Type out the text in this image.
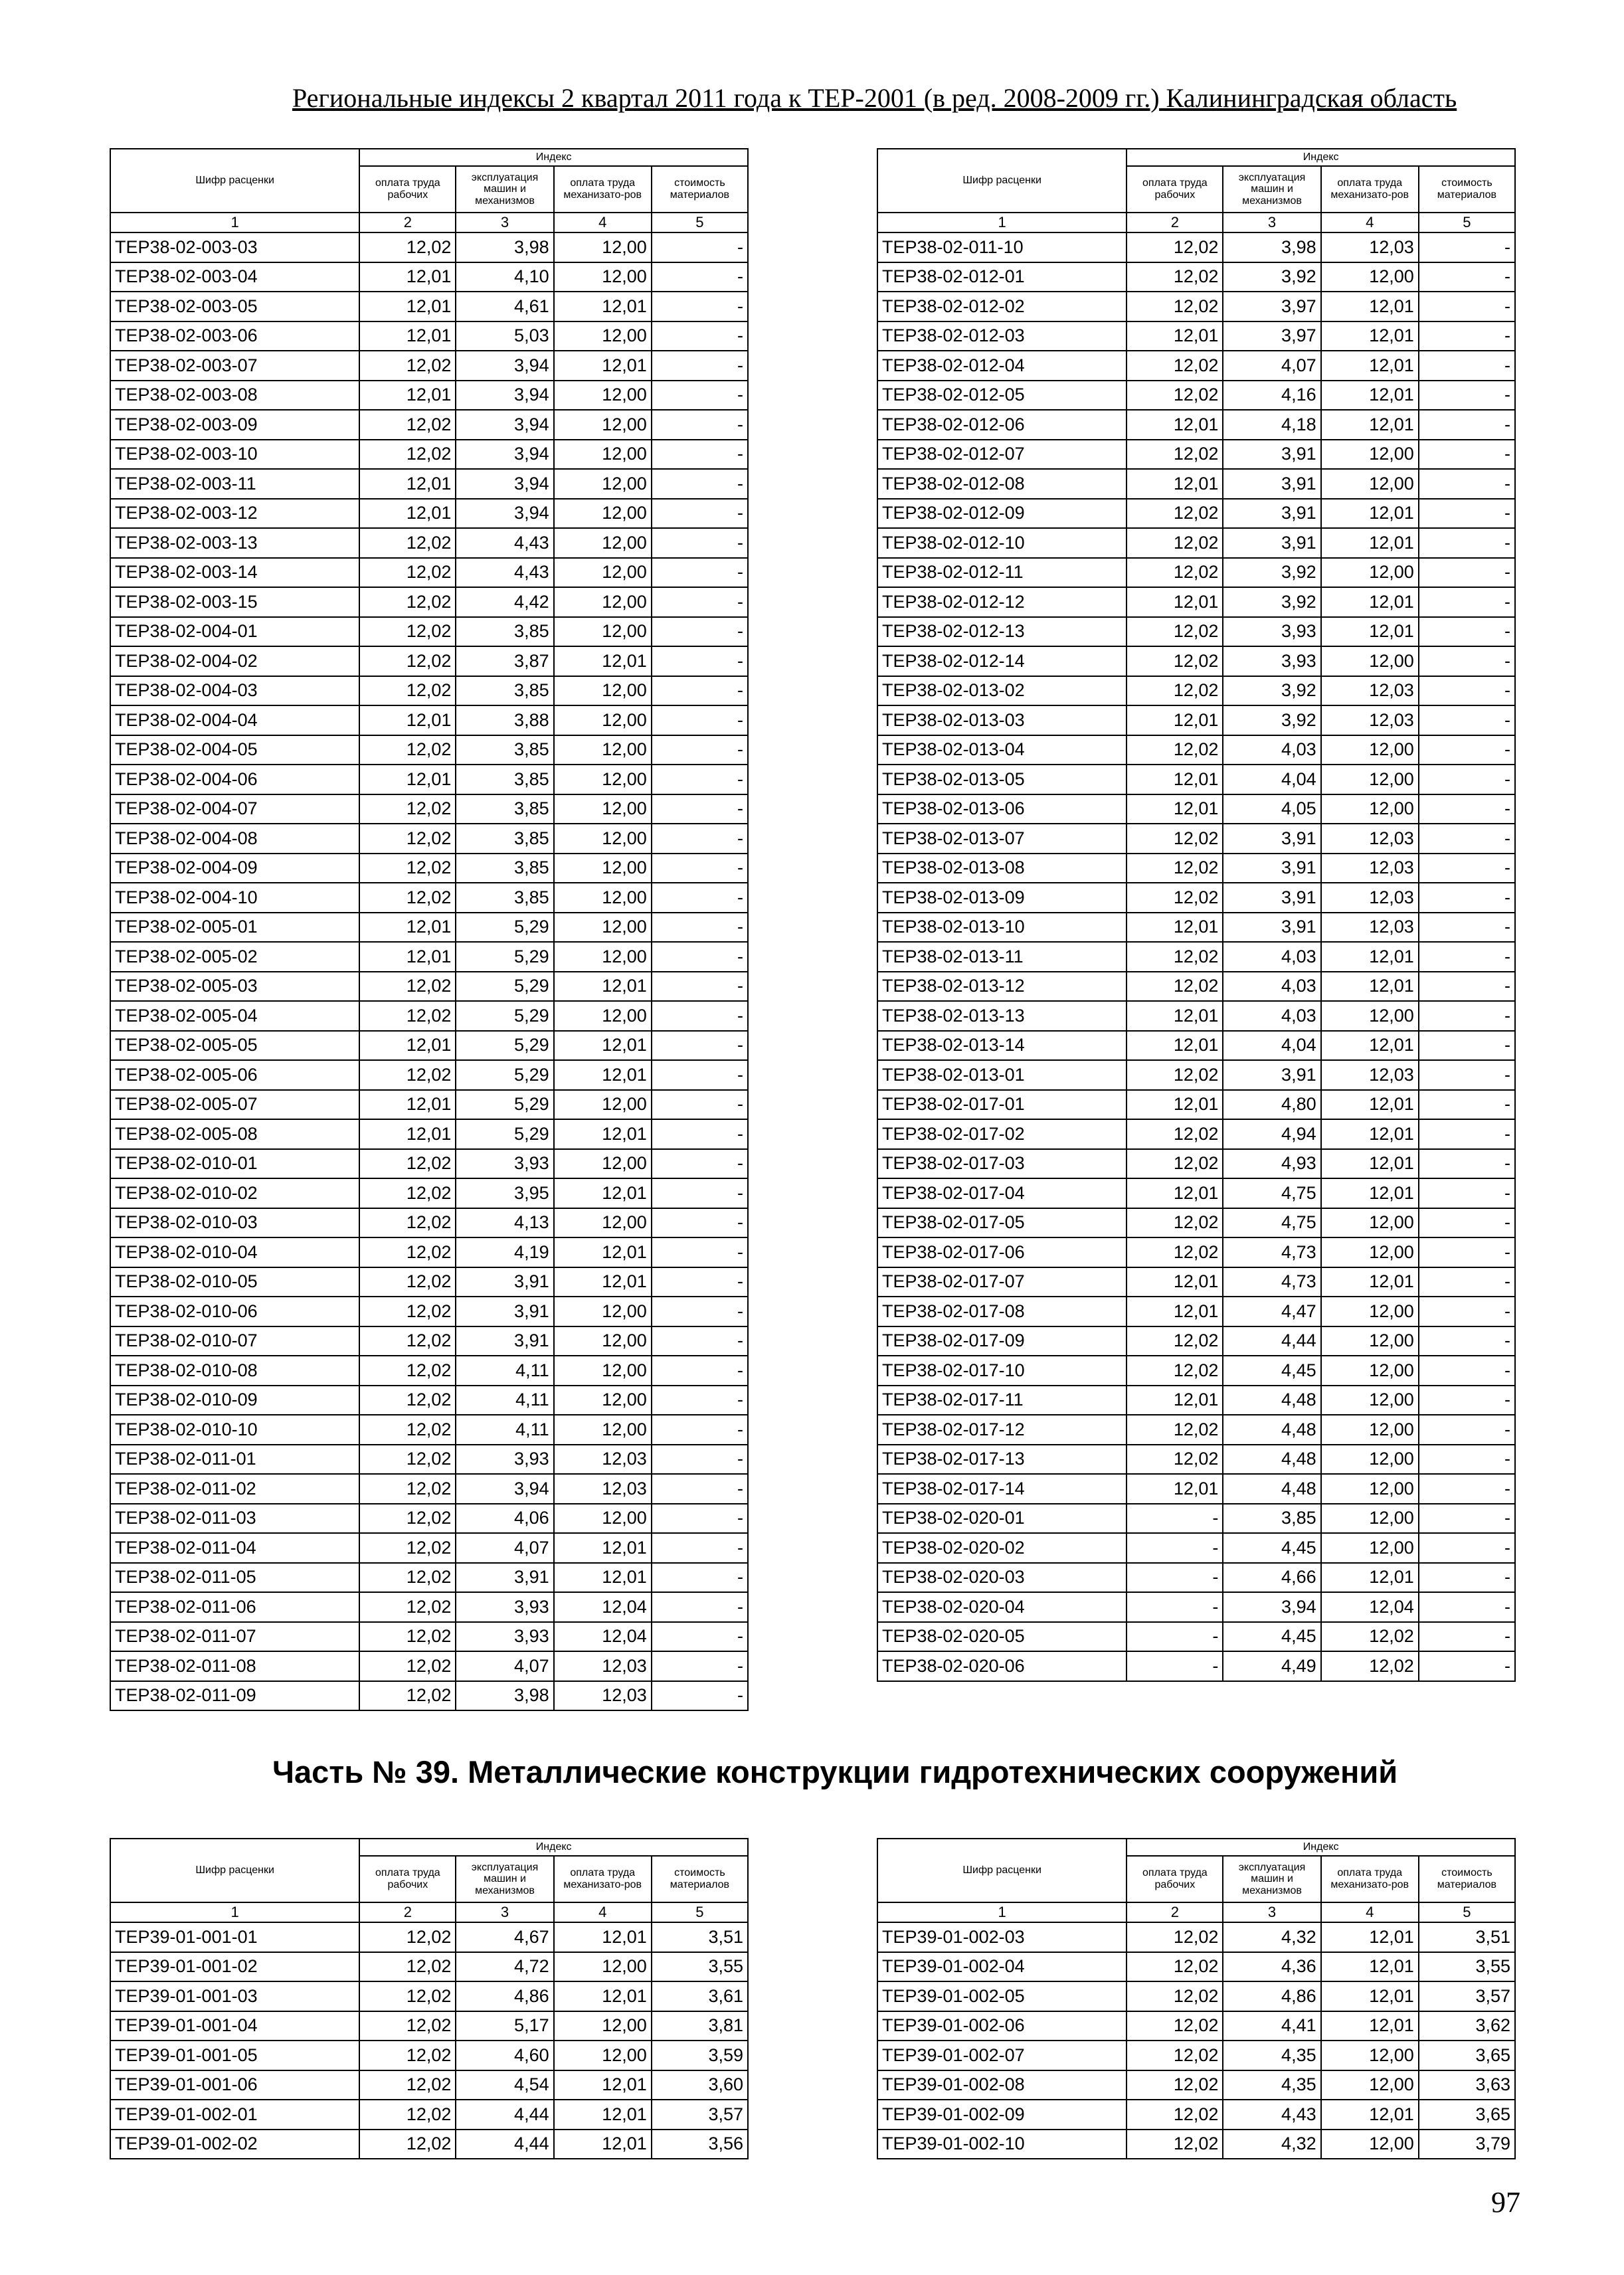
Региональные индексы 2 квартал 2011 года к ТЕР-2001 (в ред. 2008-2009 гг.) Калининградская область
Шифр расценки	Индекс			
	оплата труда рабочих	эксплуатация машин и механизмов	оплата труда механизато-ров	стоимость материалов
1	2	3	4	5
ТЕР38-02-003-03	12,02	3,98	12,00	-
ТЕР38-02-003-04	12,01	4,10	12,00	-
ТЕР38-02-003-05	12,01	4,61	12,01	-
ТЕР38-02-003-06	12,01	5,03	12,00	-
ТЕР38-02-003-07	12,02	3,94	12,01	-
ТЕР38-02-003-08	12,01	3,94	12,00	-
ТЕР38-02-003-09	12,02	3,94	12,00	-
ТЕР38-02-003-10	12,02	3,94	12,00	-
ТЕР38-02-003-11	12,01	3,94	12,00	-
ТЕР38-02-003-12	12,01	3,94	12,00	-
ТЕР38-02-003-13	12,02	4,43	12,00	-
ТЕР38-02-003-14	12,02	4,43	12,00	-
ТЕР38-02-003-15	12,02	4,42	12,00	-
ТЕР38-02-004-01	12,02	3,85	12,00	-
ТЕР38-02-004-02	12,02	3,87	12,01	-
ТЕР38-02-004-03	12,02	3,85	12,00	-
ТЕР38-02-004-04	12,01	3,88	12,00	-
ТЕР38-02-004-05	12,02	3,85	12,00	-
ТЕР38-02-004-06	12,01	3,85	12,00	-
ТЕР38-02-004-07	12,02	3,85	12,00	-
ТЕР38-02-004-08	12,02	3,85	12,00	-
ТЕР38-02-004-09	12,02	3,85	12,00	-
ТЕР38-02-004-10	12,02	3,85	12,00	-
ТЕР38-02-005-01	12,01	5,29	12,00	-
ТЕР38-02-005-02	12,01	5,29	12,00	-
ТЕР38-02-005-03	12,02	5,29	12,01	-
ТЕР38-02-005-04	12,02	5,29	12,00	-
ТЕР38-02-005-05	12,01	5,29	12,01	-
ТЕР38-02-005-06	12,02	5,29	12,01	-
ТЕР38-02-005-07	12,01	5,29	12,00	-
ТЕР38-02-005-08	12,01	5,29	12,01	-
ТЕР38-02-010-01	12,02	3,93	12,00	-
ТЕР38-02-010-02	12,02	3,95	12,01	-
ТЕР38-02-010-03	12,02	4,13	12,00	-
ТЕР38-02-010-04	12,02	4,19	12,01	-
ТЕР38-02-010-05	12,02	3,91	12,01	-
ТЕР38-02-010-06	12,02	3,91	12,00	-
ТЕР38-02-010-07	12,02	3,91	12,00	-
ТЕР38-02-010-08	12,02	4,11	12,00	-
ТЕР38-02-010-09	12,02	4,11	12,00	-
ТЕР38-02-010-10	12,02	4,11	12,00	-
ТЕР38-02-011-01	12,02	3,93	12,03	-
ТЕР38-02-011-02	12,02	3,94	12,03	-
ТЕР38-02-011-03	12,02	4,06	12,00	-
ТЕР38-02-011-04	12,02	4,07	12,01	-
ТЕР38-02-011-05	12,02	3,91	12,01	-
ТЕР38-02-011-06	12,02	3,93	12,04	-
ТЕР38-02-011-07	12,02	3,93	12,04	-
ТЕР38-02-011-08	12,02	4,07	12,03	-
ТЕР38-02-011-09	12,02	3,98	12,03	-
Шифр расценки	Индекс			
	оплата труда рабочих	эксплуатация машин и механизмов	оплата труда механизато-ров	стоимость материалов
1	2	3	4	5
ТЕР38-02-011-10	12,02	3,98	12,03	-
ТЕР38-02-012-01	12,02	3,92	12,00	-
ТЕР38-02-012-02	12,02	3,97	12,01	-
ТЕР38-02-012-03	12,01	3,97	12,01	-
ТЕР38-02-012-04	12,02	4,07	12,01	-
ТЕР38-02-012-05	12,02	4,16	12,01	-
ТЕР38-02-012-06	12,01	4,18	12,01	-
ТЕР38-02-012-07	12,02	3,91	12,00	-
ТЕР38-02-012-08	12,01	3,91	12,00	-
ТЕР38-02-012-09	12,02	3,91	12,01	-
ТЕР38-02-012-10	12,02	3,91	12,01	-
ТЕР38-02-012-11	12,02	3,92	12,00	-
ТЕР38-02-012-12	12,01	3,92	12,01	-
ТЕР38-02-012-13	12,02	3,93	12,01	-
ТЕР38-02-012-14	12,02	3,93	12,00	-
ТЕР38-02-013-02	12,02	3,92	12,03	-
ТЕР38-02-013-03	12,01	3,92	12,03	-
ТЕР38-02-013-04	12,02	4,03	12,00	-
ТЕР38-02-013-05	12,01	4,04	12,00	-
ТЕР38-02-013-06	12,01	4,05	12,00	-
ТЕР38-02-013-07	12,02	3,91	12,03	-
ТЕР38-02-013-08	12,02	3,91	12,03	-
ТЕР38-02-013-09	12,02	3,91	12,03	-
ТЕР38-02-013-10	12,01	3,91	12,03	-
ТЕР38-02-013-11	12,02	4,03	12,01	-
ТЕР38-02-013-12	12,02	4,03	12,01	-
ТЕР38-02-013-13	12,01	4,03	12,00	-
ТЕР38-02-013-14	12,01	4,04	12,01	-
ТЕР38-02-013-01	12,02	3,91	12,03	-
ТЕР38-02-017-01	12,01	4,80	12,01	-
ТЕР38-02-017-02	12,02	4,94	12,01	-
ТЕР38-02-017-03	12,02	4,93	12,01	-
ТЕР38-02-017-04	12,01	4,75	12,01	-
ТЕР38-02-017-05	12,02	4,75	12,00	-
ТЕР38-02-017-06	12,02	4,73	12,00	-
ТЕР38-02-017-07	12,01	4,73	12,01	-
ТЕР38-02-017-08	12,01	4,47	12,00	-
ТЕР38-02-017-09	12,02	4,44	12,00	-
ТЕР38-02-017-10	12,02	4,45	12,00	-
ТЕР38-02-017-11	12,01	4,48	12,00	-
ТЕР38-02-017-12	12,02	4,48	12,00	-
ТЕР38-02-017-13	12,02	4,48	12,00	-
ТЕР38-02-017-14	12,01	4,48	12,00	-
ТЕР38-02-020-01	-	3,85	12,00	-
ТЕР38-02-020-02	-	4,45	12,00	-
ТЕР38-02-020-03	-	4,66	12,01	-
ТЕР38-02-020-04	-	3,94	12,04	-
ТЕР38-02-020-05	-	4,45	12,02	-
ТЕР38-02-020-06	-	4,49	12,02	-
Часть № 39. Металлические конструкции гидротехнических сооружений
Шифр расценки	Индекс			
	оплата труда рабочих	эксплуатация машин и механизмов	оплата труда механизато-ров	стоимость материалов
1	2	3	4	5
ТЕР39-01-001-01	12,02	4,67	12,01	3,51
ТЕР39-01-001-02	12,02	4,72	12,00	3,55
ТЕР39-01-001-03	12,02	4,86	12,01	3,61
ТЕР39-01-001-04	12,02	5,17	12,00	3,81
ТЕР39-01-001-05	12,02	4,60	12,00	3,59
ТЕР39-01-001-06	12,02	4,54	12,01	3,60
ТЕР39-01-002-01	12,02	4,44	12,01	3,57
ТЕР39-01-002-02	12,02	4,44	12,01	3,56
Шифр расценки	Индекс			
	оплата труда рабочих	эксплуатация машин и механизмов	оплата труда механизато-ров	стоимость материалов
1	2	3	4	5
ТЕР39-01-002-03	12,02	4,32	12,01	3,51
ТЕР39-01-002-04	12,02	4,36	12,01	3,55
ТЕР39-01-002-05	12,02	4,86	12,01	3,57
ТЕР39-01-002-06	12,02	4,41	12,01	3,62
ТЕР39-01-002-07	12,02	4,35	12,00	3,65
ТЕР39-01-002-08	12,02	4,35	12,00	3,63
ТЕР39-01-002-09	12,02	4,43	12,01	3,65
ТЕР39-01-002-10	12,02	4,32	12,00	3,79
97
